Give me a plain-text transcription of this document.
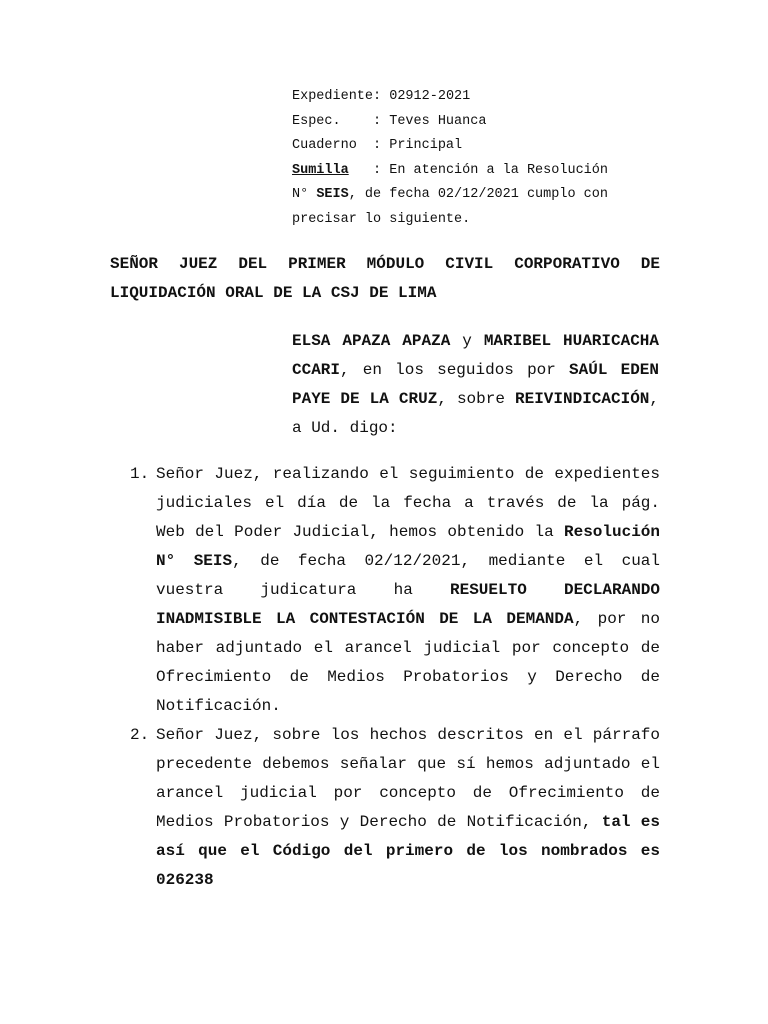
Expediente: 02912-2021
Espec. : Teves Huanca
Cuaderno : Principal
Sumilla : En atención a la Resolución
N° SEIS, de fecha 02/12/2021 cumplo con
precisar lo siguiente.
SEÑOR JUEZ DEL PRIMER MÓDULO CIVIL CORPORATIVO DE LIQUIDACIÓN ORAL DE LA CSJ DE LIMA
ELSA APAZA APAZA y MARIBEL HUARICACHA CCARI, en los seguidos por SAÚL EDEN PAYE DE LA CRUZ, sobre REIVINDICACIÓN, a Ud. digo:

1. Señor Juez, realizando el seguimiento de expedientes judiciales el día de la fecha a través de la pág. Web del Poder Judicial, hemos obtenido la Resolución N° SEIS, de fecha 02/12/2021, mediante el cual vuestra judicatura ha RESUELTO DECLARANDO INADMISIBLE LA CONTESTACIÓN DE LA DEMANDA, por no haber adjuntado el arancel judicial por concepto de Ofrecimiento de Medios Probatorios y Derecho de Notificación.

2. Señor Juez, sobre los hechos descritos en el párrafo precedente debemos señalar que sí hemos adjuntado el arancel judicial por concepto de Ofrecimiento de Medios Probatorios y Derecho de Notificación, tal es así que el Código del primero de los nombrados es 026238
